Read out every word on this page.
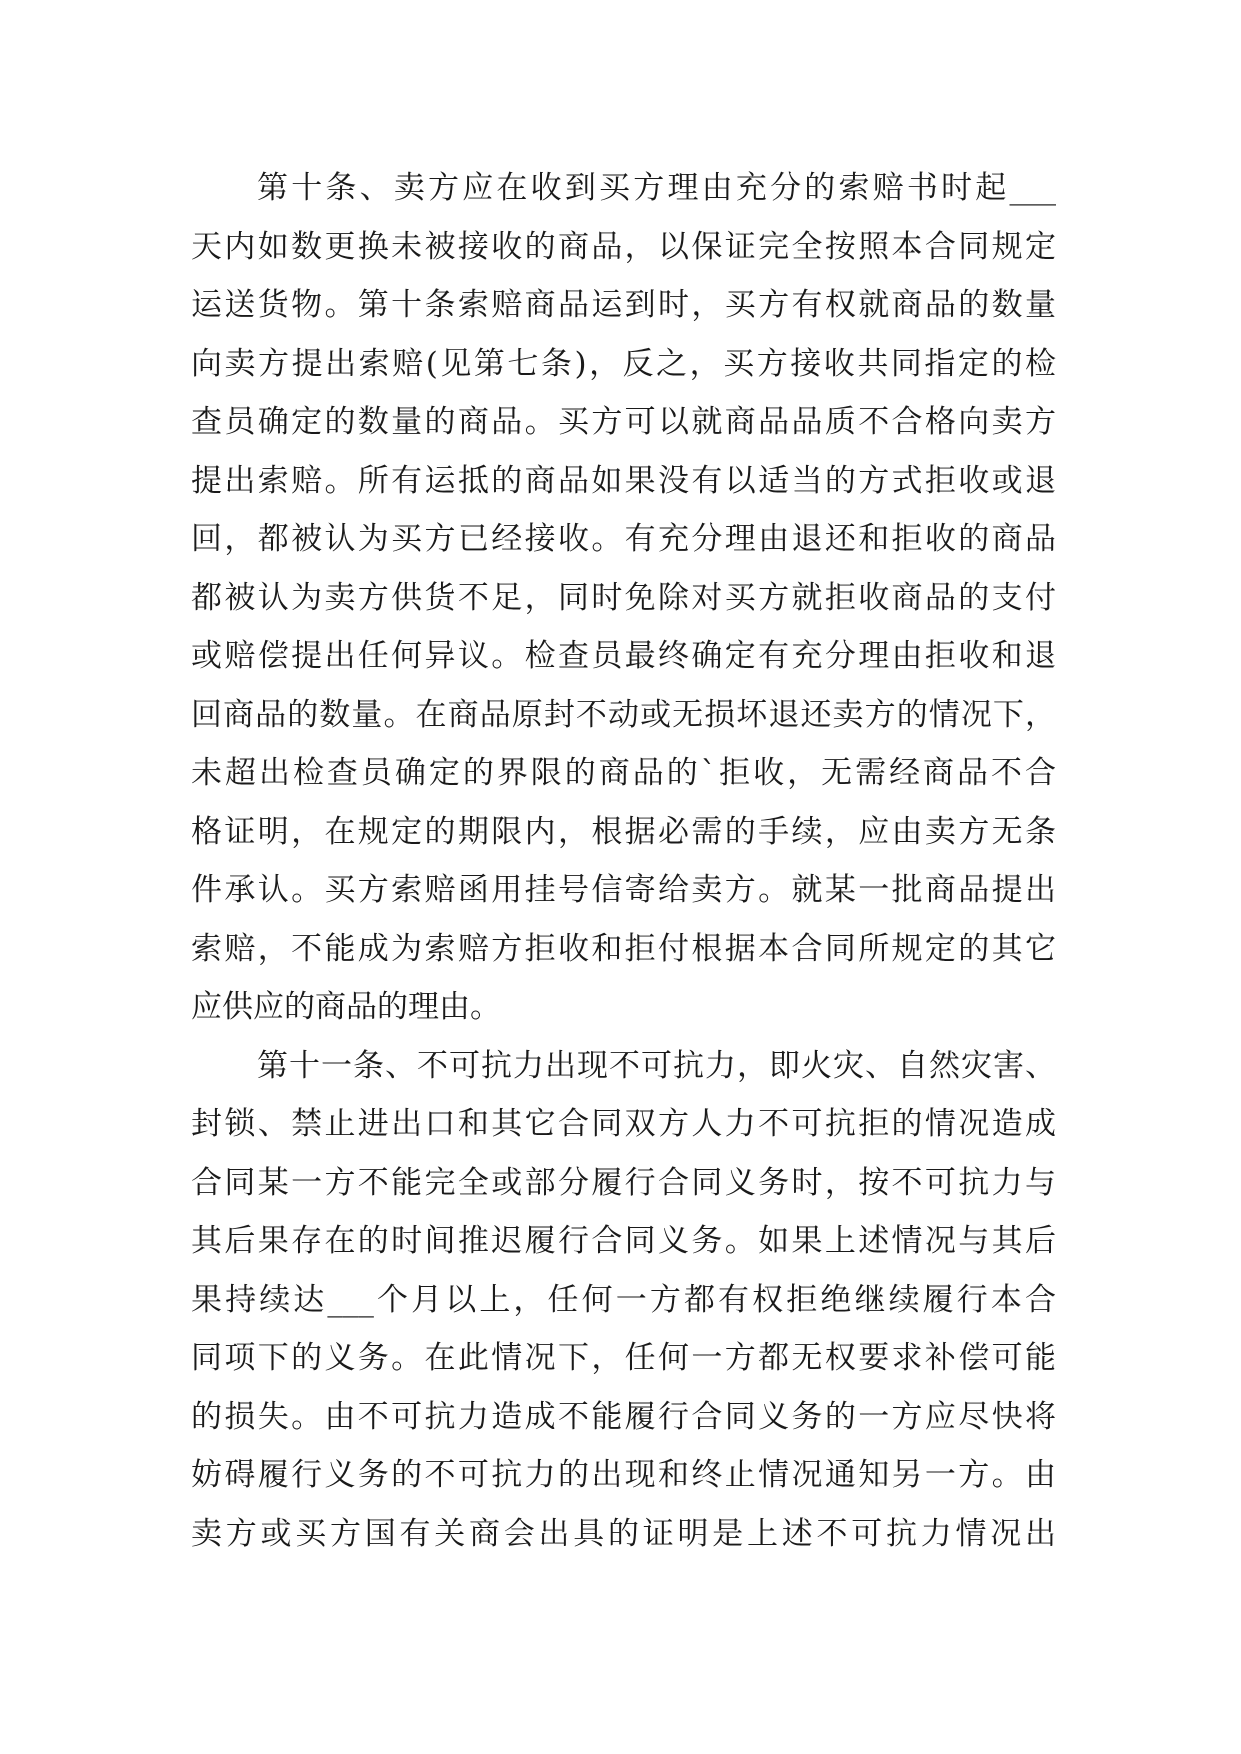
第十条、卖方应在收到买方理由充分的索赔书时起___
天内如数更换未被接收的商品，以保证完全按照本合同规定
运送货物。第十条索赔商品运到时，买方有权就商品的数量
向卖方提出索赔(见第七条)，反之，买方接收共同指定的检
查员确定的数量的商品。买方可以就商品品质不合格向卖方
提出索赔。所有运抵的商品如果没有以适当的方式拒收或退
回，都被认为买方已经接收。有充分理由退还和拒收的商品
都被认为卖方供货不足，同时免除对买方就拒收商品的支付
或赔偿提出任何异议。检查员最终确定有充分理由拒收和退
回商品的数量。在商品原封不动或无损坏退还卖方的情况下，
未超出检查员确定的界限的商品的`拒收，无需经商品不合
格证明，在规定的期限内，根据必需的手续，应由卖方无条
件承认。买方索赔函用挂号信寄给卖方。就某一批商品提出
索赔，不能成为索赔方拒收和拒付根据本合同所规定的其它
应供应的商品的理由。
第十一条、不可抗力出现不可抗力，即火灾、自然灾害、
封锁、禁止进出口和其它合同双方人力不可抗拒的情况造成
合同某一方不能完全或部分履行合同义务时，按不可抗力与
其后果存在的时间推迟履行合同义务。如果上述情况与其后
果持续达___个月以上，任何一方都有权拒绝继续履行本合
同项下的义务。在此情况下，任何一方都无权要求补偿可能
的损失。由不可抗力造成不能履行合同义务的一方应尽快将
妨碍履行义务的不可抗力的出现和终止情况通知另一方。由
卖方或买方国有关商会出具的证明是上述不可抗力情况出
